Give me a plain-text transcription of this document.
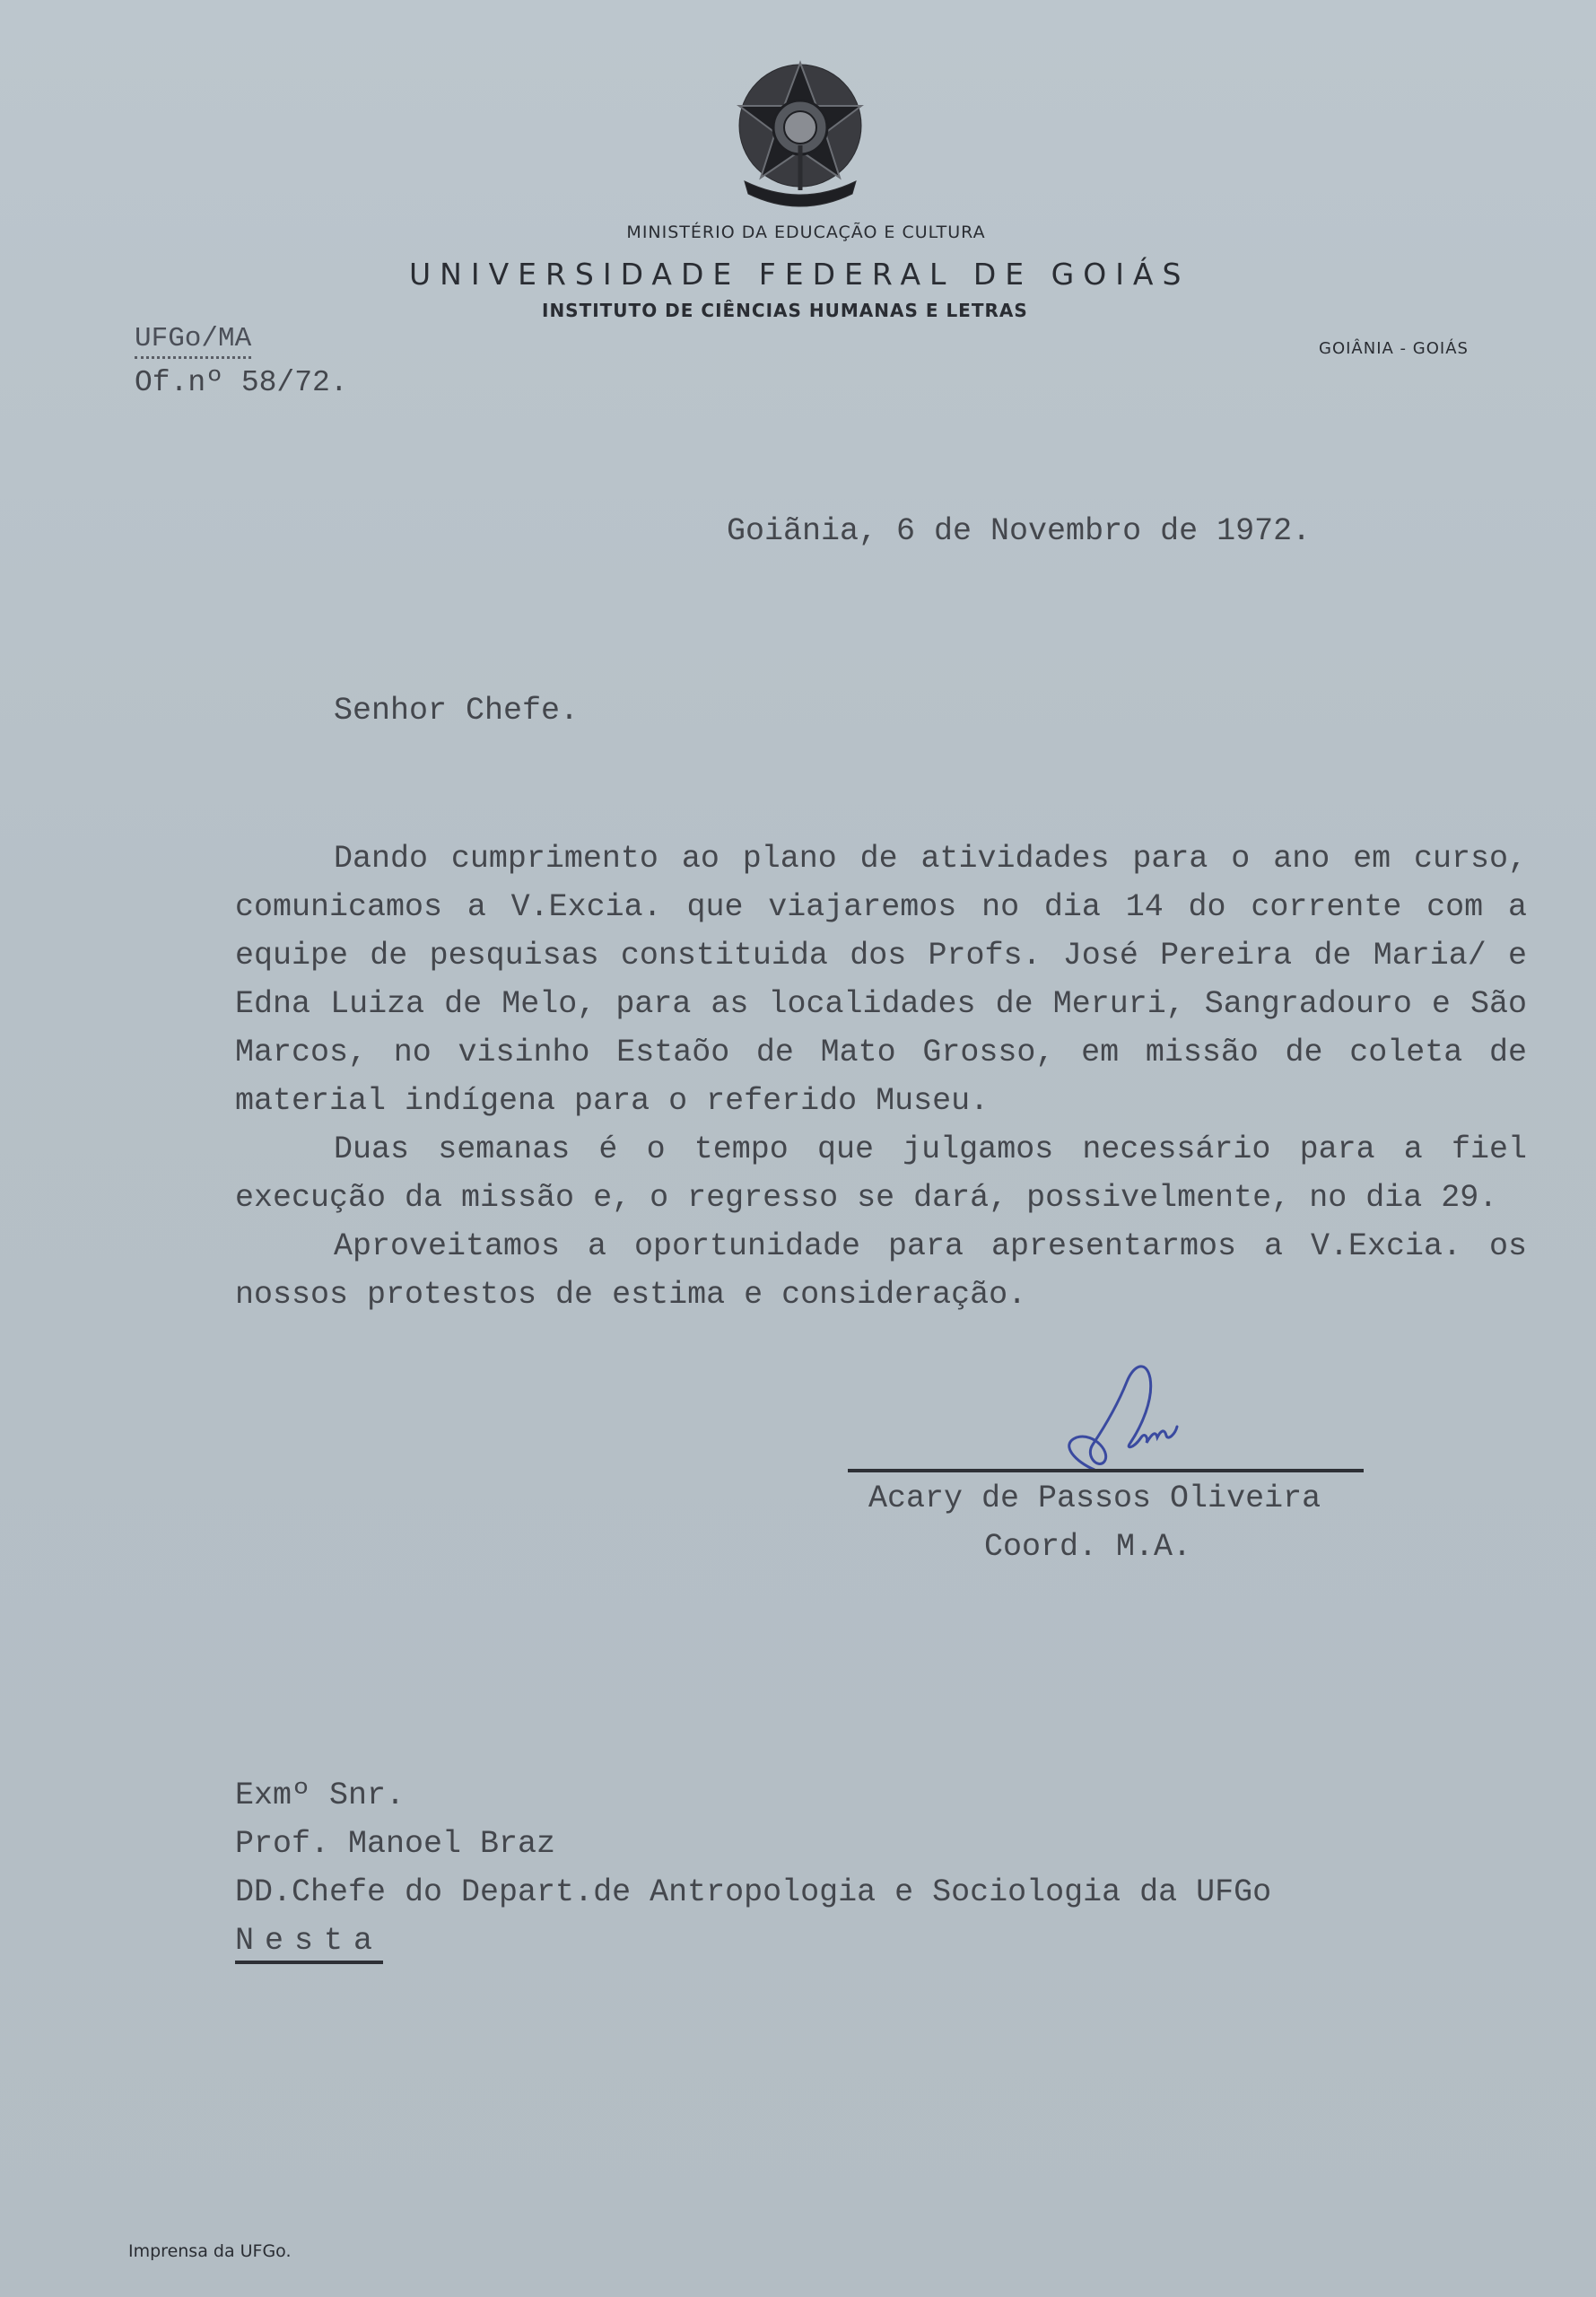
MINISTÉRIO DA EDUCAÇÃO E CULTURA
UNIVERSIDADE FEDERAL DE GOIÁS
INSTITUTO DE CIÊNCIAS HUMANAS E LETRAS
GOIÂNIA - GOIÁS
UFGo/MA
Of.nº 58/72.
Goiãnia, 6 de Novembro de 1972.
Senhor Chefe.

Dando cumprimento ao plano de atividades para o ano em curso, comunicamos a V.Excia. que viajaremos no dia 14 do corrente com a equipe de pesquisas constituida dos Profs. José Pereira de Maria/ e Edna Luiza de Melo, para as localidades de Meruri, Sangradouro e São Marcos, no visinho Estaõo de Mato Grosso, em missão de coleta de material indígena para o referido Museu.

Duas semanas é o tempo que julgamos necessário para a fiel execução da missão e, o regresso se dará, possivelmente, no dia 29.

Aproveitamos a oportunidade para apresentarmos a V.Excia. os nossos protestos de estima e consideração.

Acary de Passos Oliveira
Coord. M.A.
Exmº Snr.
Prof. Manoel Braz
DD.Chefe do Depart.de Antropologia e Sociologia da UFGo
Nesta
Imprensa da UFGo.
